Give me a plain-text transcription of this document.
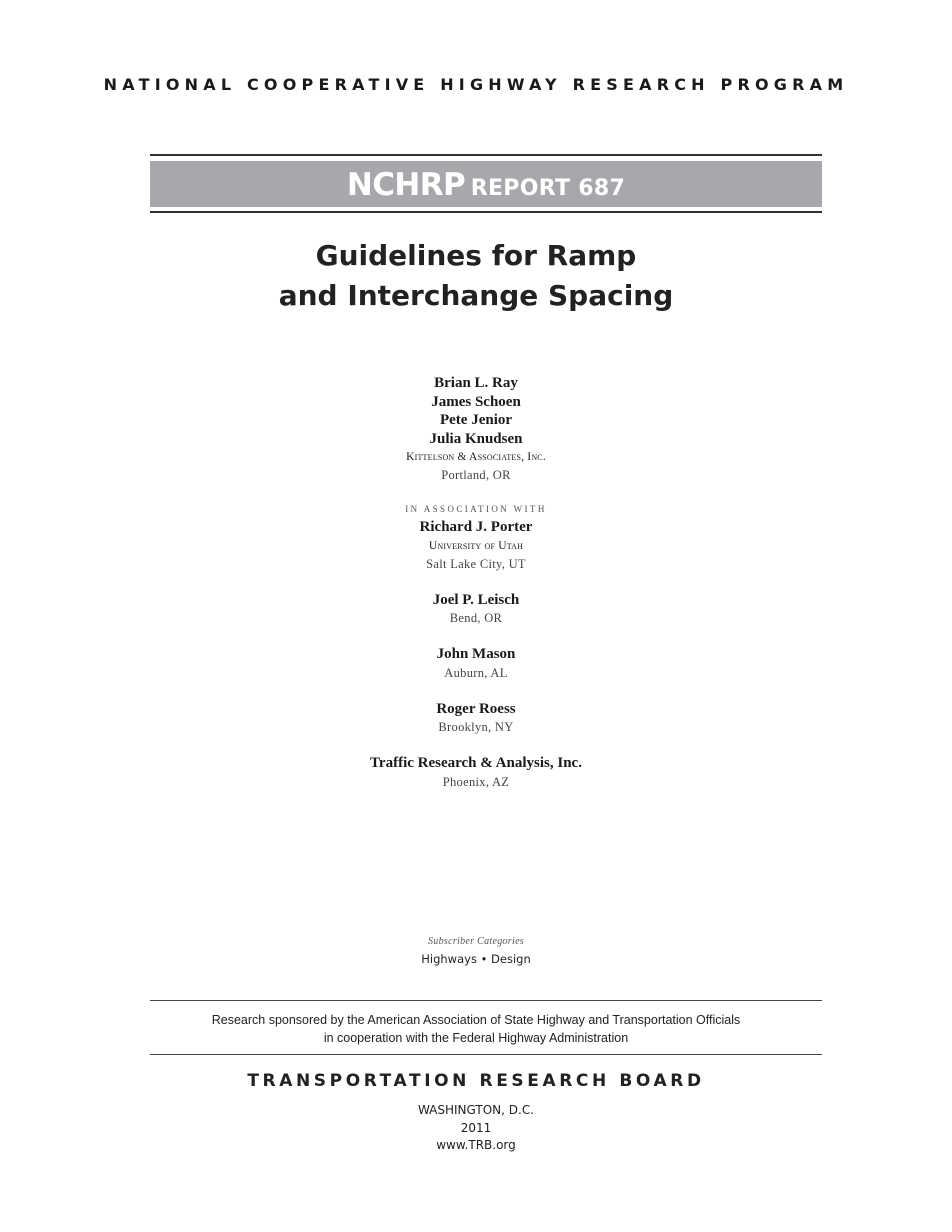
NATIONAL COOPERATIVE HIGHWAY RESEARCH PROGRAM
NCHRP REPORT 687
Guidelines for Ramp
and Interchange Spacing
Brian L. Ray
James Schoen
Pete Jenior
Julia Knudsen
Kittelson & Associates, Inc.
Portland, OR
IN ASSOCIATION WITH
Richard J. Porter
University of Utah
Salt Lake City, UT
Joel P. Leisch
Bend, OR
John Mason
Auburn, AL
Roger Roess
Brooklyn, NY
Traffic Research & Analysis, Inc.
Phoenix, AZ
Subscriber Categories
Highways • Design
Research sponsored by the American Association of State Highway and Transportation Officials
in cooperation with the Federal Highway Administration
TRANSPORTATION RESEARCH BOARD
WASHINGTON, D.C.
2011
www.TRB.org
